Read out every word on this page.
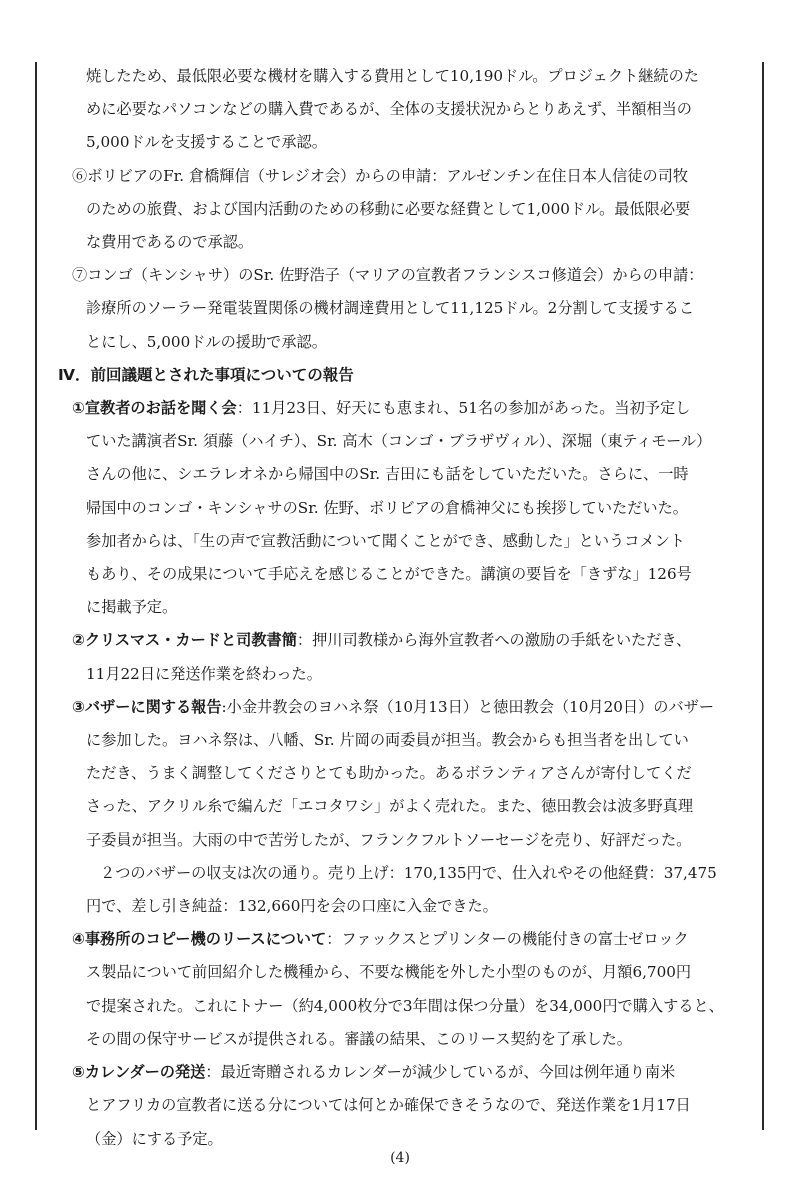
焼したため、最低限必要な機材を購入する費用として10,190ドル。プロジェクト継続のた

めに必要なパソコンなどの購入費であるが、全体の支援状況からとりあえず、半額相当の

5,000ドルを支援することで承認。

⑥ボリビアのFr. 倉橋輝信（サレジオ会）からの申請：アルゼンチン在住日本人信徒の司牧

のための旅費、および国内活動のための移動に必要な経費として1,000ドル。最低限必要

な費用であるので承認。

⑦コンゴ（キンシャサ）のSr. 佐野浩子（マリアの宣教者フランシスコ修道会）からの申請：

診療所のソーラー発電装置関係の機材調達費用として11,125ドル。2分割して支援するこ

とにし、5,000ドルの援助で承認。

Ⅳ．前回議題とされた事項についての報告

①宣教者のお話を聞く会：11月23日、好天にも恵まれ、51名の参加があった。当初予定し

ていた講演者Sr. 須藤（ハイチ）、Sr. 高木（コンゴ・ブラザヴィル）、深堀（東ティモール）

さんの他に、シエラレオネから帰国中のSr. 吉田にも話をしていただいた。さらに、一時

帰国中のコンゴ・キンシャサのSr. 佐野、ボリビアの倉橋神父にも挨拶していただいた。

参加者からは、「生の声で宣教活動について聞くことができ、感動した」というコメント

もあり、その成果について手応えを感じることができた。講演の要旨を「きずな」126号

に掲載予定。

②クリスマス・カードと司教書簡：押川司教様から海外宣教者への激励の手紙をいただき、

11月22日に発送作業を終わった。

③バザーに関する報告:小金井教会のヨハネ祭（10月13日）と徳田教会（10月20日）のバザー

に参加した。ヨハネ祭は、八幡、Sr. 片岡の両委員が担当。教会からも担当者を出してい

ただき、うまく調整してくださりとても助かった。あるボランティアさんが寄付してくだ

さった、アクリル糸で編んだ「エコタワシ」がよく売れた。また、徳田教会は波多野真理

子委員が担当。大雨の中で苦労したが、フランクフルトソーセージを売り、好評だった。

２つのバザーの収支は次の通り。売り上げ：170,135円で、仕入れやその他経費：37,475

円で、差し引き純益：132,660円を会の口座に入金できた。

④事務所のコピー機のリースについて：ファックスとプリンターの機能付きの富士ゼロック

ス製品について前回紹介した機種から、不要な機能を外した小型のものが、月額6,700円

で提案された。これにトナー（約4,000枚分で3年間は保つ分量）を34,000円で購入すると、

その間の保守サービスが提供される。審議の結果、このリース契約を了承した。

⑤カレンダーの発送：最近寄贈されるカレンダーが減少しているが、今回は例年通り南米

とアフリカの宣教者に送る分については何とか確保できそうなので、発送作業を1月17日

（金）にする予定。

(4)
